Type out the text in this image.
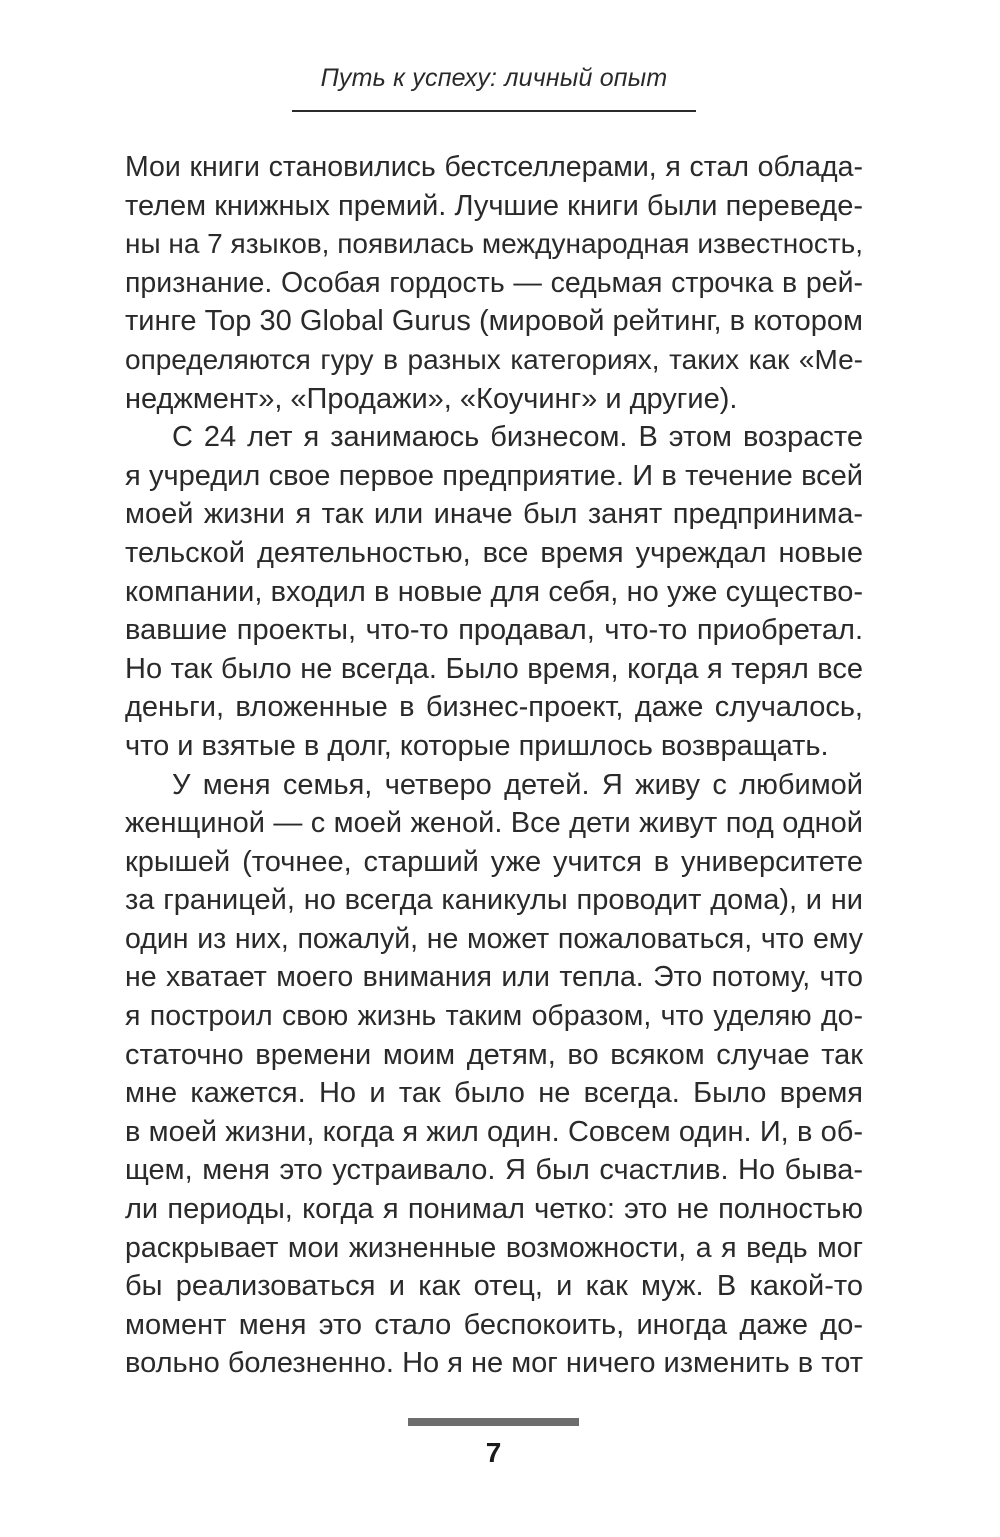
Путь к успеху: личный опыт
Мои книги становились бестселлерами, я стал облада-
телем книжных премий. Лучшие книги были переведе-
ны на 7 языков, появилась международная известность,
признание. Особая гордость — седьмая строчка в рей-
тинге Top 30 Global Gurus (мировой рейтинг, в котором
определяются гуру в разных категориях, таких как «Ме-
неджмент», «Продажи», «Коучинг» и другие).
С 24 лет я занимаюсь бизнесом. В этом возрасте
я учредил свое первое предприятие. И в течение всей
моей жизни я так или иначе был занят предпринима-
тельской деятельностью, все время учреждал новые
компании, входил в новые для себя, но уже существо-
вавшие проекты, что-то продавал, что-то приобретал.
Но так было не всегда. Было время, когда я терял все
деньги, вложенные в бизнес-проект, даже случалось,
что и взятые в долг, которые пришлось возвращать.
У меня семья, четверо детей. Я живу с любимой
женщиной — с моей женой. Все дети живут под одной
крышей (точнее, старший уже учится в университете
за границей, но всегда каникулы проводит дома), и ни
один из них, пожалуй, не может пожаловаться, что ему
не хватает моего внимания или тепла. Это потому, что
я построил свою жизнь таким образом, что уделяю до-
статочно времени моим детям, во всяком случае так
мне кажется. Но и так было не всегда. Было время
в моей жизни, когда я жил один. Совсем один. И, в об-
щем, меня это устраивало. Я был счастлив. Но быва-
ли периоды, когда я понимал четко: это не полностью
раскрывает мои жизненные возможности, а я ведь мог
бы реализоваться и как отец, и как муж. В какой-то
момент меня это стало беспокоить, иногда даже до-
вольно болезненно. Но я не мог ничего изменить в тот
7
